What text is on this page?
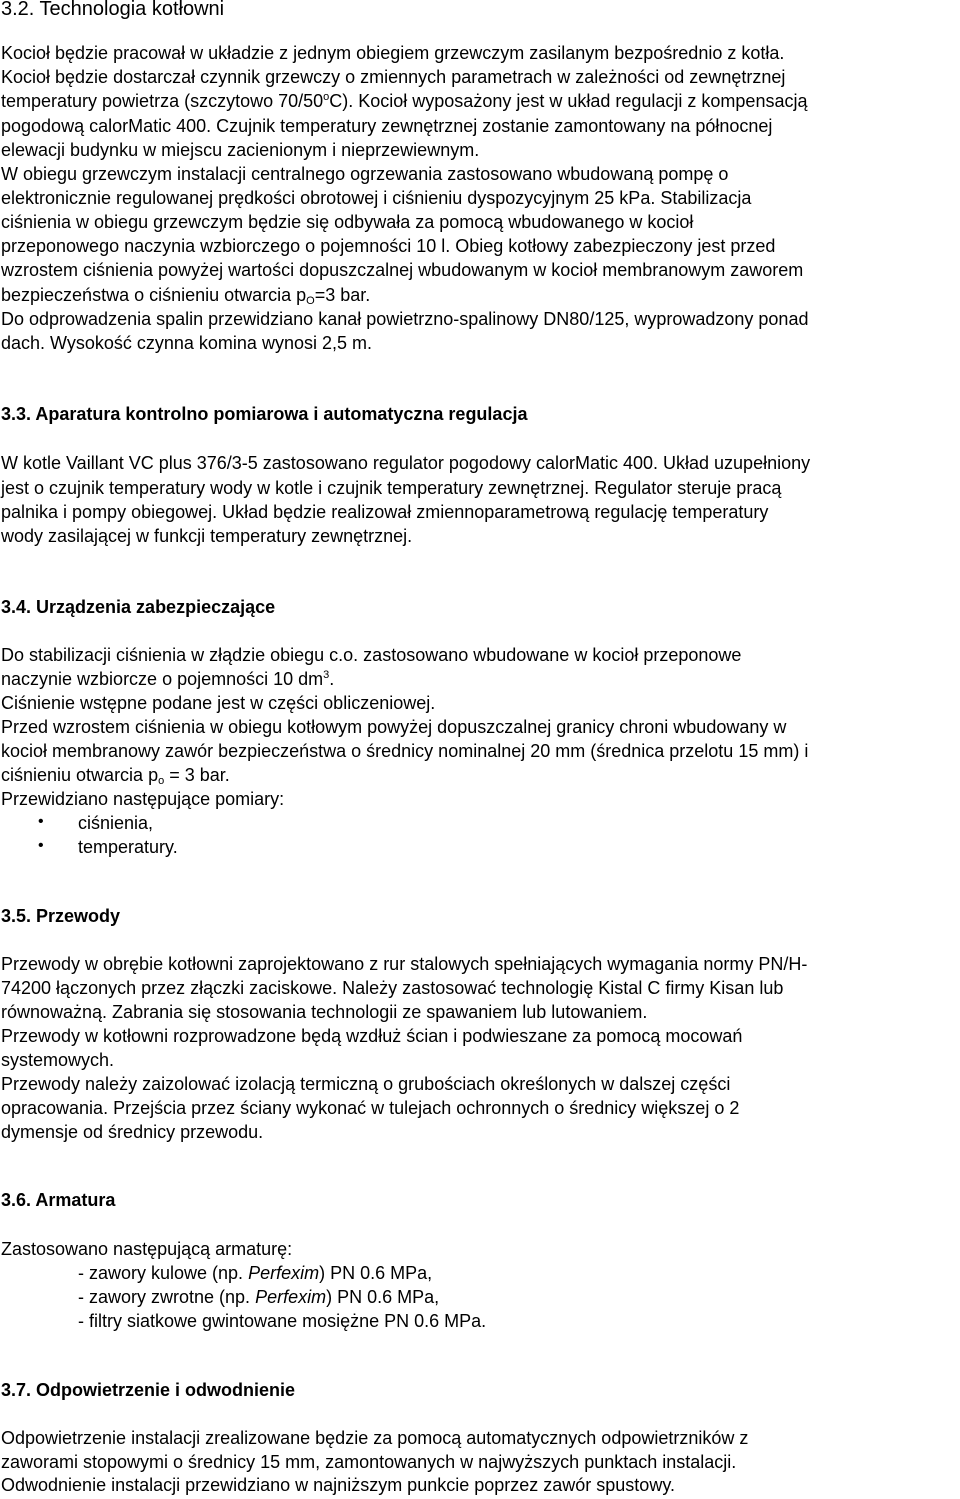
3.2. Technologia kotłowni
Kocioł będzie pracował w układzie z jednym obiegiem grzewczym zasilanym bezpośrednio z kotła.
Kocioł będzie dostarczał czynnik grzewczy o zmiennych parametrach w zależności od zewnętrznej
temperatury powietrza (szczytowo 70/50$^o$C). Kocioł wyposażony jest w układ regulacji z kompensacją
pogodową calorMatic 400. Czujnik temperatury zewnętrznej zostanie zamontowany na północnej
elewacji budynku w miejscu zacienionym i nieprzewiewnym.
W obiegu grzewczym instalacji centralnego ogrzewania zastosowano wbudowaną pompę o
elektronicznie regulowanej prędkości obrotowej i ciśnieniu dyspozycyjnym 25 kPa. Stabilizacja
ciśnienia w obiegu grzewczym będzie się odbywała za pomocą wbudowanego w kocioł
przeponowego naczynia wzbiorczego o pojemności 10 l. Obieg kotłowy zabezpieczony jest przed
wzrostem ciśnienia powyżej wartości dopuszczalnej wbudowanym w kocioł membranowym zaworem
bezpieczeństwa o ciśnieniu otwarcia pO=3 bar.
Do odprowadzenia spalin przewidziano kanał powietrzno-spalinowy DN80/125, wyprowadzony ponad
dach. Wysokość czynna komina wynosi 2,5 m.
3.3. Aparatura kontrolno pomiarowa i automatyczna regulacja
W kotle Vaillant VC plus 376/3-5 zastosowano regulator pogodowy calorMatic 400. Układ uzupełniony
jest o czujnik temperatury wody w kotle i czujnik temperatury zewnętrznej. Regulator steruje pracą
palnika i pompy obiegowej. Układ będzie realizował zmiennoparametrową regulację temperatury
wody zasilającej w funkcji temperatury zewnętrznej.
3.4. Urządzenia zabezpieczające
Do stabilizacji ciśnienia w złądzie obiegu c.o. zastosowano wbudowane w kocioł przeponowe
naczynie wzbiorcze o pojemności 10 $dm^3$.
Ciśnienie wstępne podane jest w części obliczeniowej.
Przed wzrostem ciśnienia w obiegu kotłowym powyżej dopuszczalnej granicy chroni wbudowany w
kocioł membranowy zawór bezpieczeństwa o średnicy nominalnej 20 mm (średnica przelotu 15 mm) i
ciśnieniu otwarcia po = 3 bar.
Przewidziano następujące pomiary:
• ciśnienia,
• temperatury.
3.5. Przewody
Przewody w obrębie kotłowni zaprojektowano z rur stalowych spełniających wymagania normy PN/H-
74200 łączonych przez złączki zaciskowe. Należy zastosować technologię Kistal C firmy Kisan lub
równoważną. Zabrania się stosowania technologii ze spawaniem lub lutowaniem.
Przewody w kotłowni rozprowadzone będą wzdłuż ścian i podwieszane za pomocą mocowań
systemowych.
Przewody należy zaizolować izolacją termiczną o grubościach określonych w dalszej części
opracowania. Przejścia przez ściany wykonać w tulejach ochronnych o średnicy większej o 2
dymensje od średnicy przewodu.
3.6. Armatura
Zastosowano następującą armaturę:
- zawory kulowe (np. Perfexim) PN 0.6 MPa,
- zawory zwrotne (np. Perfexim) PN 0.6 MPa,
- filtry siatkowe gwintowane mosiężne PN 0.6 MPa.
3.7. Odpowietrzenie i odwodnienie
Odpowietrzenie instalacji zrealizowane będzie za pomocą automatycznych odpowietrzników z
zaworami stopowymi o średnicy 15 mm, zamontowanych w najwyższych punktach instalacji.
Odwodnienie instalacji przewidziano w najniższym punkcie poprzez zawór spustowy.
